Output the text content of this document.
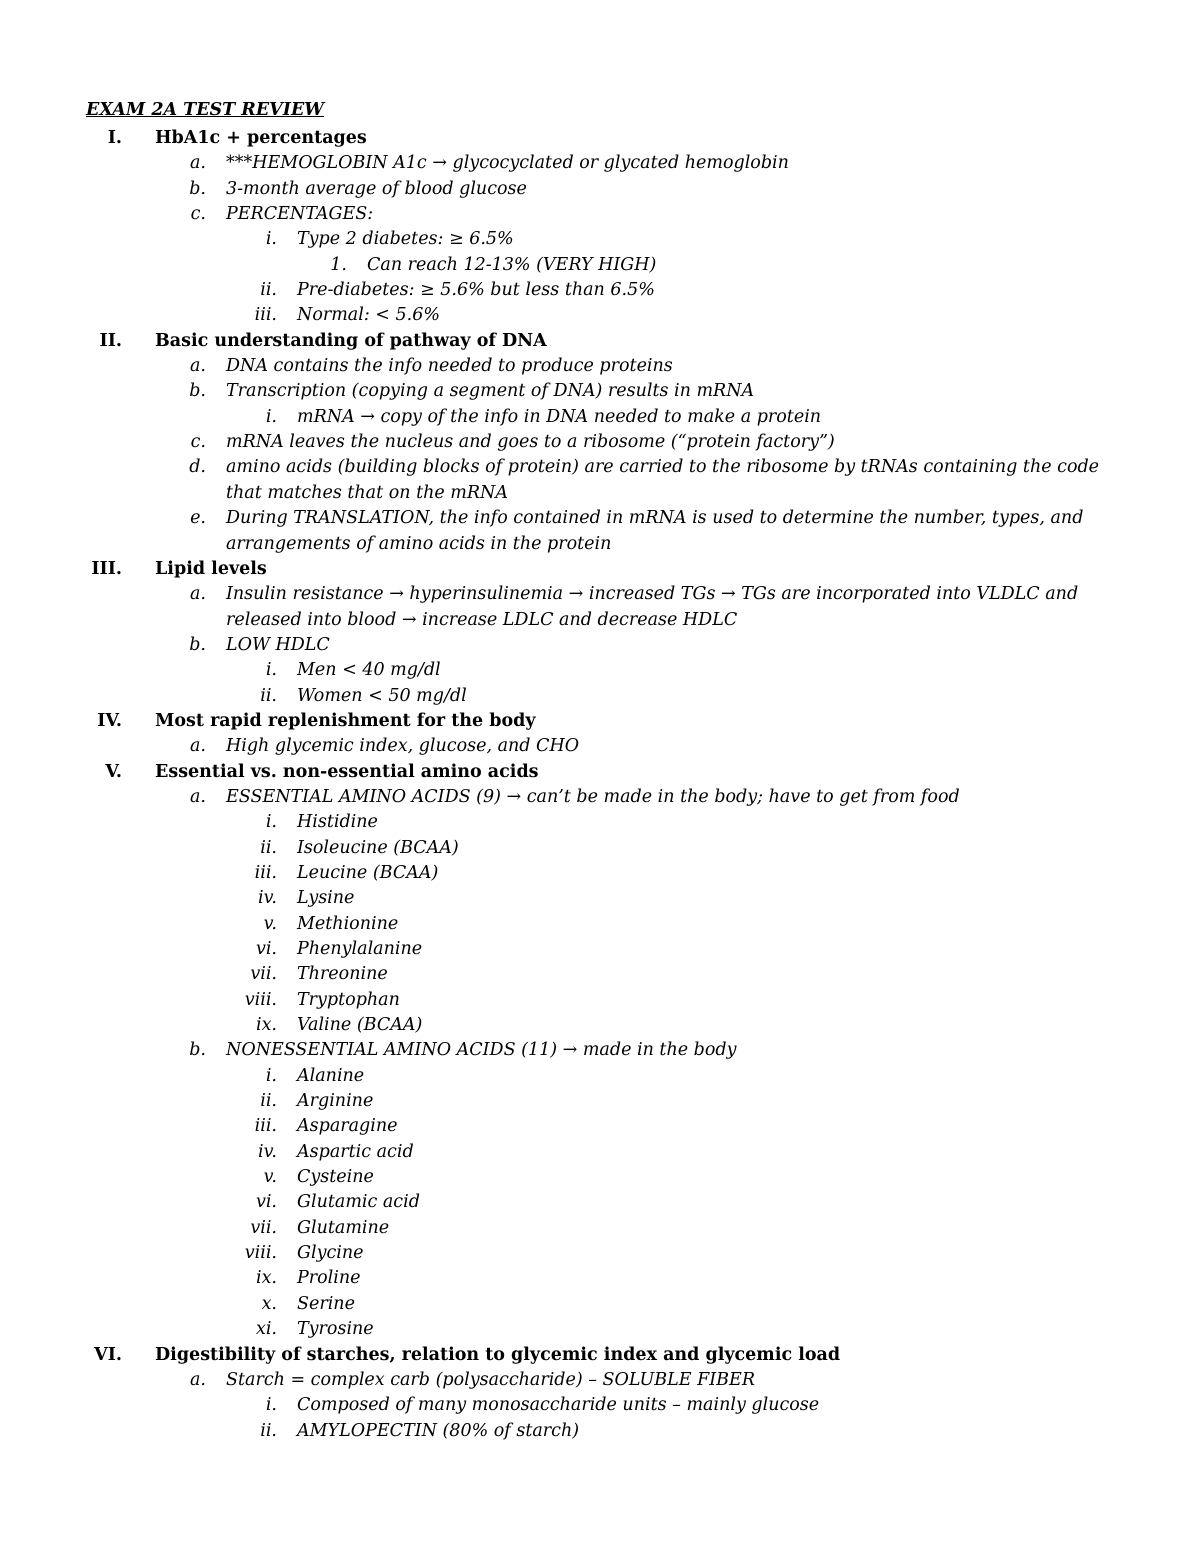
EXAM 2A TEST REVIEW
I. HbA1c + percentages
a. ***HEMOGLOBIN A1c → glycocyclated or glycated hemoglobin
b. 3-month average of blood glucose
c. PERCENTAGES:
i. Type 2 diabetes: ≥ 6.5%
1. Can reach 12-13% (VERY HIGH)
ii. Pre-diabetes: ≥ 5.6% but less than 6.5%
iii. Normal: < 5.6%
II. Basic understanding of pathway of DNA
a. DNA contains the info needed to produce proteins
b. Transcription (copying a segment of DNA) results in mRNA
i. mRNA → copy of the info in DNA needed to make a protein
c. mRNA leaves the nucleus and goes to a ribosome (“protein factory”)
d. amino acids (building blocks of protein) are carried to the ribosome by tRNAs containing the code that matches that on the mRNA
e. During TRANSLATION, the info contained in mRNA is used to determine the number, types, and arrangements of amino acids in the protein
III. Lipid levels
a. Insulin resistance → hyperinsulinemia → increased TGs → TGs are incorporated into VLDLC and released into blood → increase LDLC and decrease HDLC
b. LOW HDLC
i. Men < 40 mg/dl
ii. Women < 50 mg/dl
IV. Most rapid replenishment for the body
a. High glycemic index, glucose, and CHO
V. Essential vs. non-essential amino acids
a. ESSENTIAL AMINO ACIDS (9) → can’t be made in the body; have to get from food
i. Histidine
ii. Isoleucine (BCAA)
iii. Leucine (BCAA)
iv. Lysine
v. Methionine
vi. Phenylalanine
vii. Threonine
viii. Tryptophan
ix. Valine (BCAA)
b. NONESSENTIAL AMINO ACIDS (11) → made in the body
i. Alanine
ii. Arginine
iii. Asparagine
iv. Aspartic acid
v. Cysteine
vi. Glutamic acid
vii. Glutamine
viii. Glycine
ix. Proline
x. Serine
xi. Tyrosine
VI. Digestibility of starches, relation to glycemic index and glycemic load
a. Starch = complex carb (polysaccharide) – SOLUBLE FIBER
i. Composed of many monosaccharide units – mainly glucose
ii. AMYLOPECTIN (80% of starch)
